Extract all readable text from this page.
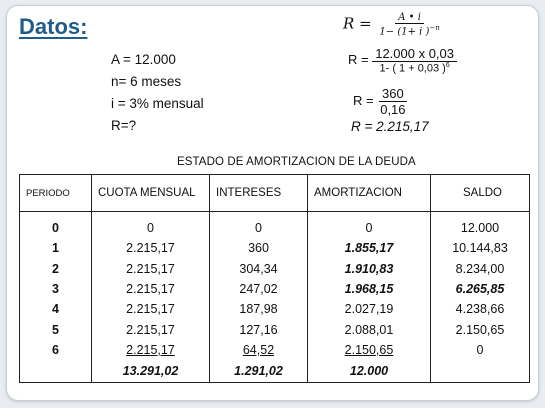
Datos:
A = 12.000
n= 6 meses
i = 3% mensual
R=?
$R = \frac{A • i}{1- (1+ i )^{-n}}$
$R = \frac{12.000 x 0,03}{1- ( 1 + 0,03 )^6}$
$R = \frac{360}{0,16}$
R = 2.215,17
ESTADO DE AMORTIZACION DE LA DEUDA
PERIODO	CUOTA MENSUAL	INTERESES	AMORTIZACION	SALDO
0	0	0	0	12.000
1	2.215,17	360	1.855,17	10.144,83
2	2.215,17	304,34	1.910,83	8.234,00
3	2.215,17	247,02	1.968,15	6.265,85
4	2.215,17	187,98	2.027,19	4.238,66
5	2.215,17	127,16	2.088,01	2.150,65
6	2.215,17	64,52	2.150,65	0
	13.291,02	1.291,02	12.000	
